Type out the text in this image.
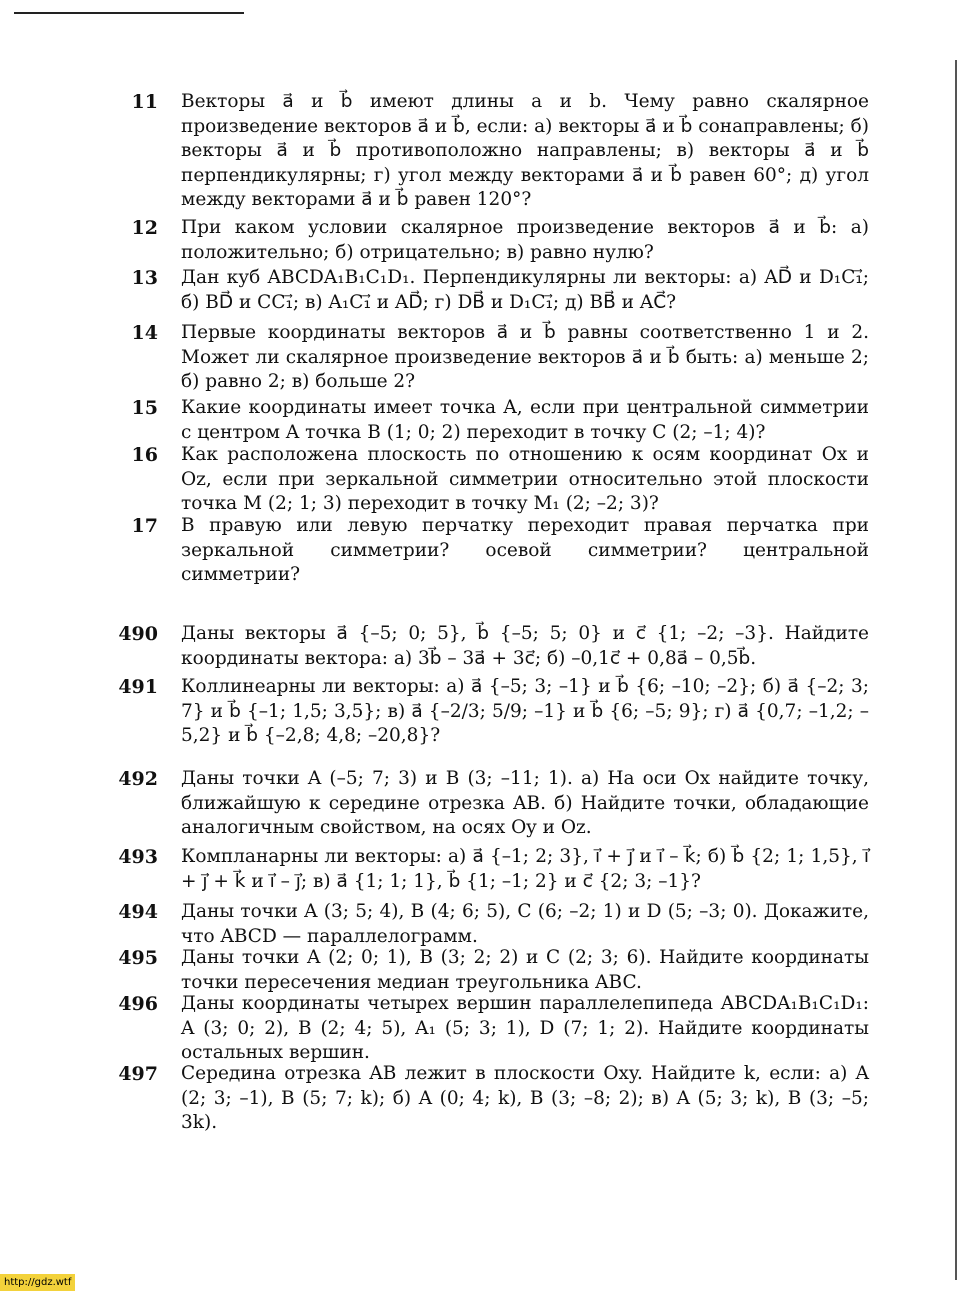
11 Векторы a⃗ и b⃗ имеют длины a и b. Чему равно скалярное произведение векторов a⃗ и b⃗, если: а) векторы a⃗ и b⃗ сонаправлены; б) векторы a⃗ и b⃗ противоположно направлены; в) векторы a⃗ и b⃗ перпендикулярны; г) угол между векторами a⃗ и b⃗ равен 60°; д) угол между векторами a⃗ и b⃗ равен 120°?
12 При каком условии скалярное произведение векторов a⃗ и b⃗: а) положительно; б) отрицательно; в) равно нулю?
13 Дан куб ABCDA₁B₁C₁D₁. Перпендикулярны ли векторы: а) AD⃗ и D₁C₁⃗; б) BD⃗ и CC₁⃗; в) A₁C₁⃗ и AD⃗; г) DB⃗ и D₁C₁⃗; д) BB⃗ и AC⃗?
14 Первые координаты векторов a⃗ и b⃗ равны соответственно 1 и 2. Может ли скалярное произведение векторов a⃗ и b⃗ быть: а) меньше 2; б) равно 2; в) больше 2?
15 Какие координаты имеет точка A, если при центральной симметрии с центром A точка B (1; 0; 2) переходит в точку C (2; –1; 4)?
16 Как расположена плоскость по отношению к осям координат Ox и Oz, если при зеркальной симметрии относительно этой плоскости точка M (2; 1; 3) переходит в точку M₁ (2; –2; 3)?
17 В правую или левую перчатку переходит правая перчатка при зеркальной симметрии? осевой симметрии? центральной симметрии?
490 Даны векторы a⃗ {–5; 0; 5}, b⃗ {–5; 5; 0} и c⃗ {1; –2; –3}. Найдите координаты вектора: а) 3b⃗ – 3a⃗ + 3c⃗; б) –0,1c⃗ + 0,8a⃗ – 0,5b⃗.
491 Коллинеарны ли векторы: а) a⃗ {–5; 3; –1} и b⃗ {6; –10; –2}; б) a⃗ {–2; 3; 7} и b⃗ {–1; 1,5; 3,5}; в) a⃗ {–2/3; 5/9; –1} и b⃗ {6; –5; 9}; г) a⃗ {0,7; –1,2; –5,2} и b⃗ {–2,8; 4,8; –20,8}?
492 Даны точки A (–5; 7; 3) и B (3; –11; 1). а) На оси Ox найдите точку, ближайшую к середине отрезка AB. б) Найдите точки, обладающие аналогичным свойством, на осях Oy и Oz.
493 Компланарны ли векторы: а) a⃗ {–1; 2; 3}, i⃗ + j⃗ и i⃗ – k⃗; б) b⃗ {2; 1; 1,5}, i⃗ + j⃗ + k⃗ и i⃗ – j⃗; в) a⃗ {1; 1; 1}, b⃗ {1; –1; 2} и c⃗ {2; 3; –1}?
494 Даны точки A (3; 5; 4), B (4; 6; 5), C (6; –2; 1) и D (5; –3; 0). Докажите, что ABCD — параллелограмм.
495 Даны точки A (2; 0; 1), B (3; 2; 2) и C (2; 3; 6). Найдите координаты точки пересечения медиан треугольника ABC.
496 Даны координаты четырех вершин параллелепипеда ABCDA₁B₁C₁D₁: A (3; 0; 2), B (2; 4; 5), A₁ (5; 3; 1), D (7; 1; 2). Найдите координаты остальных вершин.
497 Середина отрезка AB лежит в плоскости Oxy. Найдите k, если: а) A (2; 3; –1), B (5; 7; k); б) A (0; 4; k), B (3; –8; 2); в) A (5; 3; k), B (3; –5; 3k).
http://gdz.wtf
